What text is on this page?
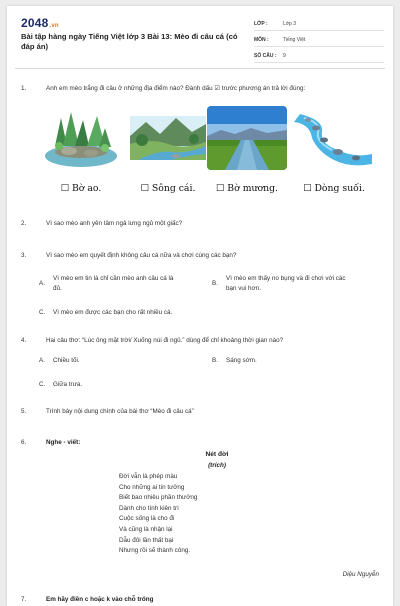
2048.vn
Bài tập hàng ngày Tiếng Việt lớp 3 Bài 13: Mèo đi câu cá (có đáp án)
LỚP :	Lớp 3
MÔN :	Tiếng Việt
SỐ CÂU :	9
1.	Anh em mèo trắng đi câu ở những địa điểm nào? Đánh dấu ☑ trước phương án trả lời đúng:
☐ Bờ ao.	☐ Sông cái.	☐ Bờ mương.	☐ Dòng suối.
2.	Vì sao mèo anh yên tâm ngả lưng ngủ một giấc?
3.	Vì sao mèo em quyết định không câu cá nữa và chơi cùng các bạn?
A.
Vì mèo em tin là chỉ cần mèo anh câu cá là
đủ.
B.
Vì mèo em thấy no bụng và đi chơi với các
bạn vui hơn.
C. Vì mèo em được các bạn cho rất nhiều cá.
4.	Hai câu thơ: “Lúc ông mặt trời/ Xuống núi đi ngủ.” dùng để chỉ khoảng thời gian nào?
A. Chiều tối.	B. Sáng sớm.
C. Giữa trưa.
5.	Trình bày nội dung chính của bài thơ “Mèo đi câu cá”
6.	Nghe - viết:
Nét đời
(trích)
Đời vẫn là phép màu
Cho những ai tin tưởng
Biết bao nhiêu phần thưởng
Dành cho tính kiên trì
Cuộc sống là cho đi
Và cũng là nhận lại
Dẫu đôi lần thất bại
Nhưng rồi sẽ thành công.
Diệu Nguyễn
7.	Em hãy điền c hoặc k vào chỗ trống
